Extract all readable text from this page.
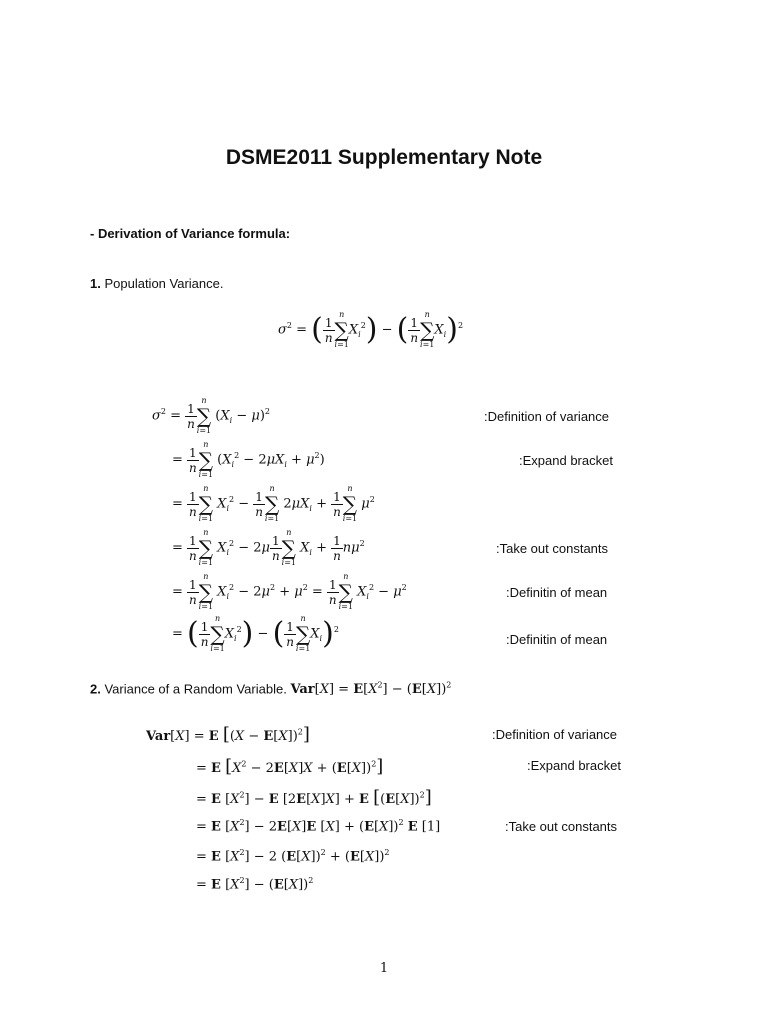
DSME2011 Supplementary Note
- Derivation of Variance formula:
1. Population Variance.
$\sigma^2$ = ( $\frac{1}{n}$
n
∑
i=1
$X_i^2$) − ( $\frac{1}{n}$
n
∑
i=1
$X_i)^2$
$\sigma^2 = \frac{1}{n}$
n
∑
i=1
$(X_i - \mu)^2$
= $\frac{1}{n}$
n
∑
i=1
$(X_i^2 - 2\mu X_i + \mu^2)$
= $\frac{1}{n}$
n
∑
i=1
$X_i^2 - \frac{1}{n}$
n
∑
i=1
$2\mu X_i + \frac{1}{n}$
n
∑
i=1
$\mu^2$
= $\frac{1}{n}$
n
∑
i=1
$X_i^2 - 2\mu \frac{1}{n}$
n
∑
i=1
$X_i + \frac{1}{n} n\mu^2$
= $\frac{1}{n}$
n
∑
i=1
$X_i^2 - 2\mu^2 + \mu^2 = \frac{1}{n}$
n
∑
i=1
$X_i^2 - \mu^2$
= ( $\frac{1}{n}$
n
∑
i=1
$X_i^2$) − ( $\frac{1}{n}$
n
∑
i=1
$X_i)^2$
:Definition of variance
:Expand bracket
:Take out constants
:Definitin of mean
:Definitin of mean
2. Variance of a Random Variable. $Var[X] = E[X^2] - (E[X])^2$
Var[X] = E $[(X - E[X])^2]$
= E $[X^2 - 2E[X]X + (E[X])^2]$
= E $[X^2] - E$ [2E[X]X] + E $[(E[X])^2]$
= E $[X^2] - 2E[X]E$ $[X] + (E[X])^2$ E [1]
= E $[X^2] - 2$ $(E[X])^2 + (E[X])^2$
= E $[X^2] - (E[X])^2$
:Definition of variance
:Expand bracket
:Take out constants
1
